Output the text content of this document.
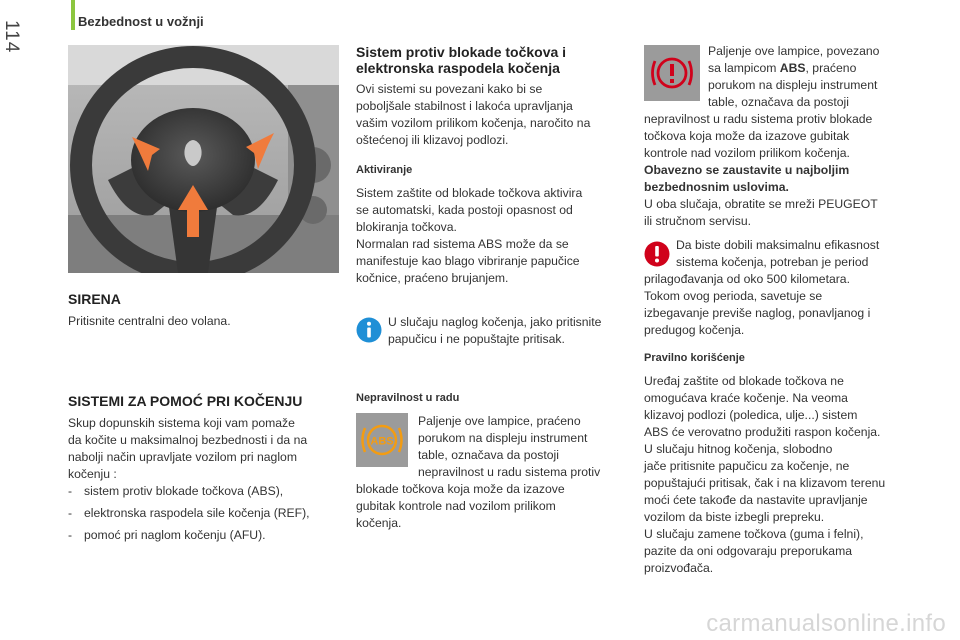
114	Bezbednost u vožnji
SIRENA
Pritisnite centralni deo volana.
SISTEMI ZA POMOĆ PRI KOČENJU

Skup dopunskih sistema koji vam pomaže

da kočite u maksimalnoj bezbednosti i da na

nabolji način upravljate vozilom pri naglom

kočenju :

- sistem protiv blokade točkova (ABS),
- elektronska raspodela sile kočenja (REF),
- pomoć pri naglom kočenju (AFU).
Sistem protiv blokade točkova i
elektronska raspodela kočenja

Ovi sistemi su povezani kako bi se

poboljšale stabilnost i lakoća upravljanja

vašim vozilom prilikom kočenja, naročito na

oštećenoj ili klizavoj podlozi.

Aktiviranje

Sistem zaštite od blokade točkova aktivira

se automatski, kada postoji opasnost od

blokiranja točkova.

Normalan rad sistema ABS može da se

manifestuje kao blago vibriranje papučice

kočnice, praćeno brujanjem.

U slučaju naglog kočenja, jako pritisnite

papučicu i ne popuštajte pritisak.

Nepravilnost u radu
ABS

Paljenje ove lampice, praćeno

porukom na displeju instrument

table, označava da postoji

nepravilnost u radu sistema protiv

blokade točkova koja može da izazove

gubitak kontrole nad vozilom prilikom

kočenja.

Paljenje ove lampice, povezano

sa lampicom ABS, praćeno

porukom na displeju instrument

table, označava da postoji

nepravilnost u radu sistema protiv blokade

točkova koja može da izazove gubitak

kontrole nad vozilom prilikom kočenja.

Obavezno se zaustavite u najboljim

bezbednosnim uslovima.

U oba slučaja, obratite se mreži PEUGEOT

ili stručnom servisu.

Da biste dobili maksimalnu efikasnost

sistema kočenja, potreban je period

prilagođavanja od oko 500 kilometara.

Tokom ovog perioda, savetuje se

izbegavanje previše naglog, ponavljanog i

predugog kočenja.

Pravilno korišćenje

Uređaj zaštite od blokade točkova ne

omogućava kraće kočenje. Na veoma

klizavoj podlozi (poledica, ulje...) sistem

ABS će verovatno produžiti raspon kočenja.

U slučaju hitnog kočenja, slobodno

jače pritisnite papučicu za kočenje, ne

popuštajući pritisak, čak i na klizavom terenu

moći ćete takođe da nastavite upravljanje

vozilom da biste izbegli prepreku.

U slučaju zamene točkova (guma i felni),

pazite da oni odgovaraju preporukama

proizvođača.

carmanualsonline.info
